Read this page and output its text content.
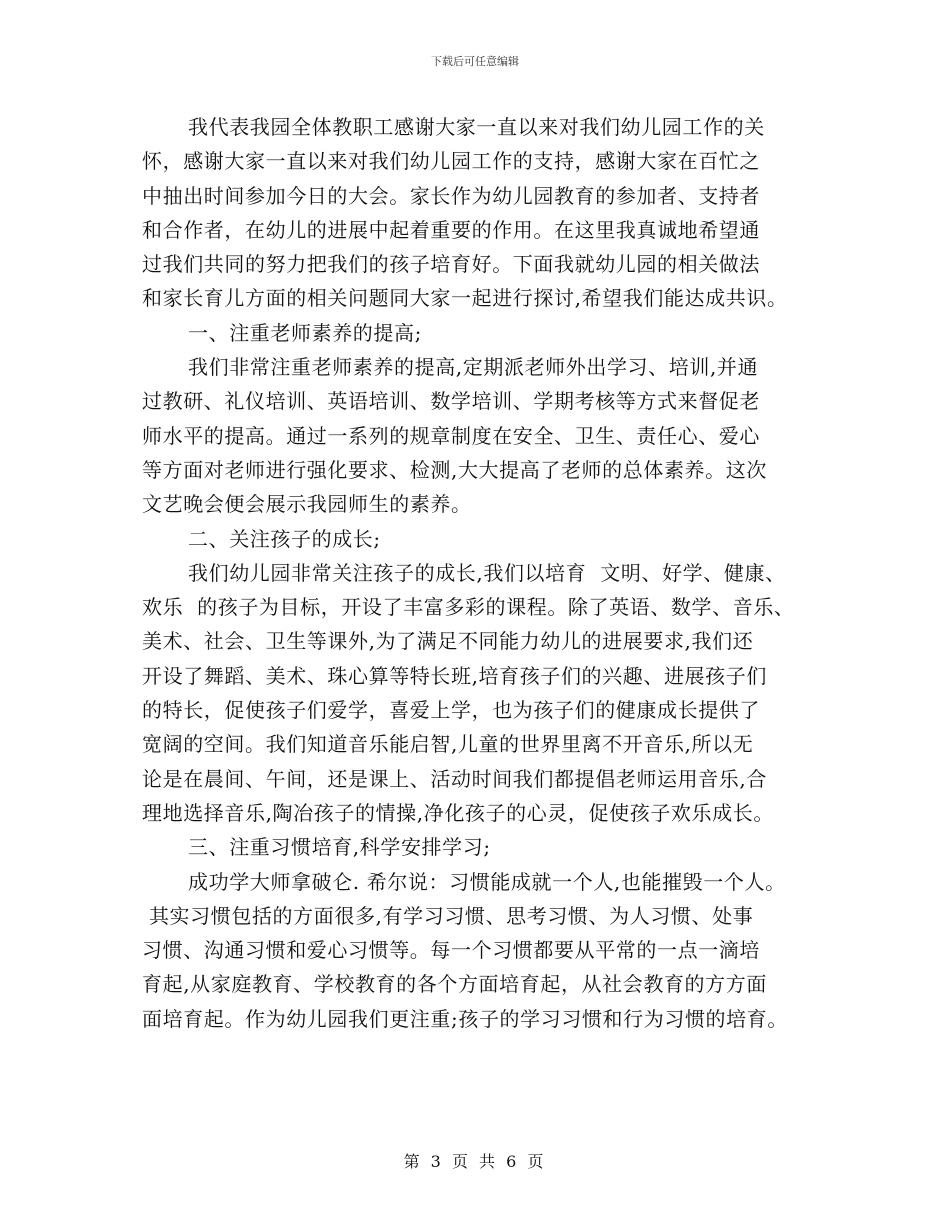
下载后可任意编辑
我代表我园全体教职工感谢大家一直以来对我们幼儿园工作的关
怀，感谢大家一直以来对我们幼儿园工作的支持，感谢大家在百忙之
中抽出时间参加今日的大会。家长作为幼儿园教育的参加者、支持者
和合作者，在幼儿的进展中起着重要的作用。在这里我真诚地希望通
过我们共同的努力把我们的孩子培育好。下面我就幼儿园的相关做法
和家长育儿方面的相关问题同大家一起进行探讨,希望我们能达成共识。
一、注重老师素养的提高;
我们非常注重老师素养的提高,定期派老师外出学习、培训,并通
过教研、礼仪培训、英语培训、数学培训、学期考核等方式来督促老
师水平的提高。通过一系列的规章制度在安全、卫生、责任心、爱心
等方面对老师进行强化要求、检测,大大提高了老师的总体素养。这次
文艺晚会便会展示我园师生的素养。
二、关注孩子的成长;
我们幼儿园非常关注孩子的成长,我们以培育  文明、好学、健康、
欢乐  的孩子为目标，开设了丰富多彩的课程。除了英语、数学、音乐、
美术、社会、卫生等课外,为了满足不同能力幼儿的进展要求,我们还
开设了舞蹈、美术、珠心算等特长班,培育孩子们的兴趣、进展孩子们
的特长，促使孩子们爱学，喜爱上学，也为孩子们的健康成长提供了
宽阔的空间。我们知道音乐能启智,儿童的世界里离不开音乐,所以无
论是在晨间、午间，还是课上、活动时间我们都提倡老师运用音乐,合
理地选择音乐,陶冶孩子的情操,净化孩子的心灵，促使孩子欢乐成长。
三、注重习惯培育,科学安排学习;
成功学大师拿破仑. 希尔说：习惯能成就一个人,也能摧毁一个人。
其实习惯包括的方面很多,有学习习惯、思考习惯、为人习惯、处事
习惯、沟通习惯和爱心习惯等。每一个习惯都要从平常的一点一滴培
育起,从家庭教育、学校教育的各个方面培育起，从社会教育的方方面
面培育起。作为幼儿园我们更注重;孩子的学习习惯和行为习惯的培育。
第 3 页 共 6 页
